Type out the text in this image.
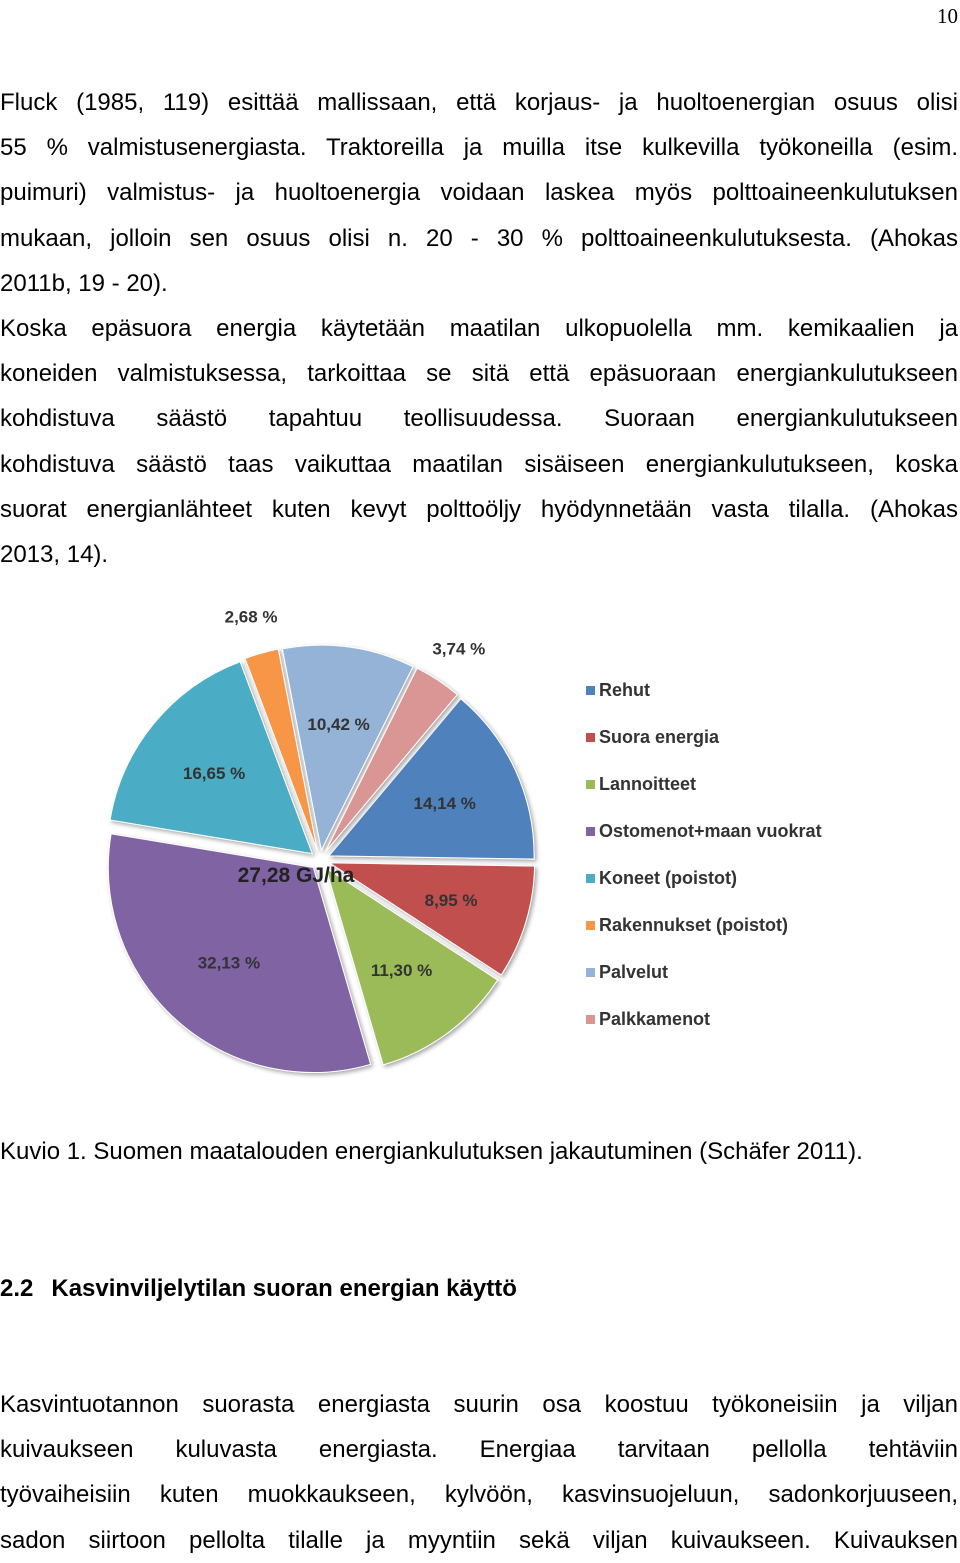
10
Fluck (1985, 119) esittää mallissaan, että korjaus- ja huoltoenergian osuus olisi
55 % valmistusenergiasta. Traktoreilla ja muilla itse kulkevilla työkoneilla (esim.
puimuri) valmistus- ja huoltoenergia voidaan laskea myös polttoaineenkulutuksen
mukaan, jolloin sen osuus olisi n. 20 - 30 % polttoaineenkulutuksesta. (Ahokas
2011b, 19 - 20).
Koska epäsuora energia käytetään maatilan ulkopuolella mm. kemikaalien ja
koneiden valmistuksessa, tarkoittaa se sitä että epäsuoraan energiankulutukseen
kohdistuva säästö tapahtuu teollisuudessa. Suoraan energiankulutukseen
kohdistuva säästö taas vaikuttaa maatilan sisäiseen energiankulutukseen, koska
suorat energianlähteet kuten kevyt polttoöljy hyödynnetään vasta tilalla. (Ahokas
2013, 14).
14,14 %
8,95 %
11,30 %
32,13 %
16,65 %
2,68 %
10,42 %
3,74 %
27,28 GJ/ha
Rehut
Suora energia
Lannoitteet
Ostomenot+maan vuokrat
Koneet (poistot)
Rakennukset (poistot)
Palvelut
Palkkamenot
Kuvio 1. Suomen maatalouden energiankulutuksen jakautuminen (Schäfer 2011).
2.2 Kasvinviljelytilan suoran energian käyttö
Kasvintuotannon suorasta energiasta suurin osa koostuu työkoneisiin ja viljan
kuivaukseen kuluvasta energiasta. Energiaa tarvitaan pellolla tehtäviin
työvaiheisiin kuten muokkaukseen, kylvöön, kasvinsuojeluun, sadonkorjuuseen,
sadon siirtoon pellolta tilalle ja myyntiin sekä viljan kuivaukseen. Kuivauksen
